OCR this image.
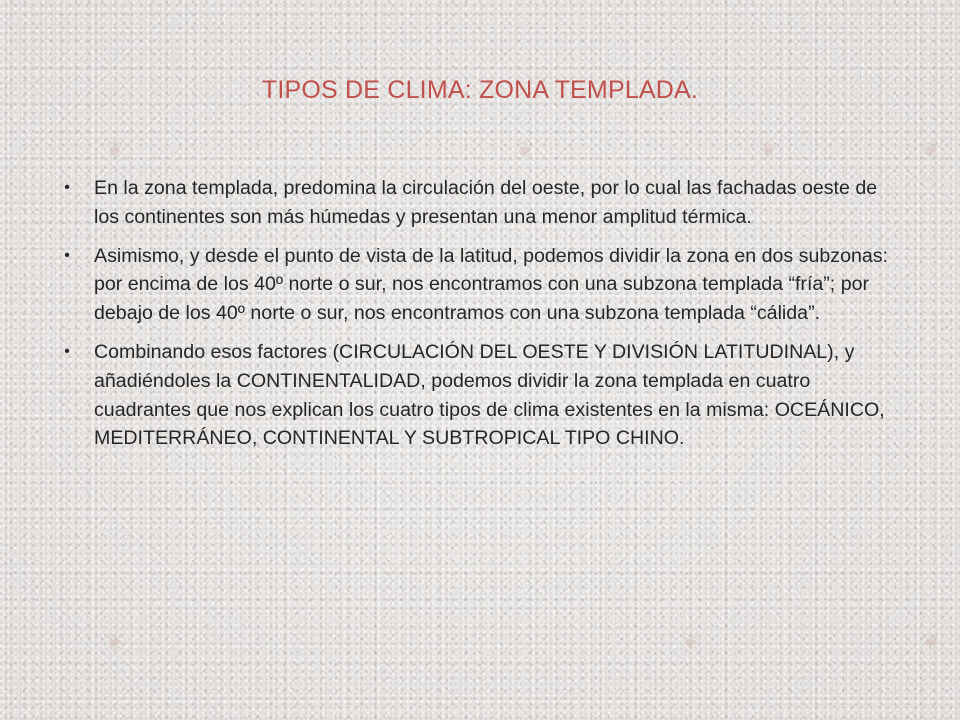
❦	❦	❦	❦
❦	❦	❦
TIPOS DE CLIMA: ZONA TEMPLADA.
• En la zona templada, predomina la circulación del oeste, por lo cual las fachadas oeste de los continentes son más húmedas y presentan una menor amplitud térmica.
• Asimismo, y desde el punto de vista de la latitud, podemos dividir la zona en dos subzonas: por encima de los 40º norte o sur, nos encontramos con una subzona templada “fría”; por debajo de los 40º norte o sur, nos encontramos con una subzona templada “cálida”.
• Combinando esos factores (CIRCULACIÓN DEL OESTE Y DIVISIÓN LATITUDINAL), y añadiéndoles la CONTINENTALIDAD, podemos dividir la zona templada en cuatro cuadrantes que nos explican los cuatro tipos de clima existentes en la misma: OCEÁNICO, MEDITERRÁNEO, CONTINENTAL Y SUBTROPICAL TIPO CHINO.
